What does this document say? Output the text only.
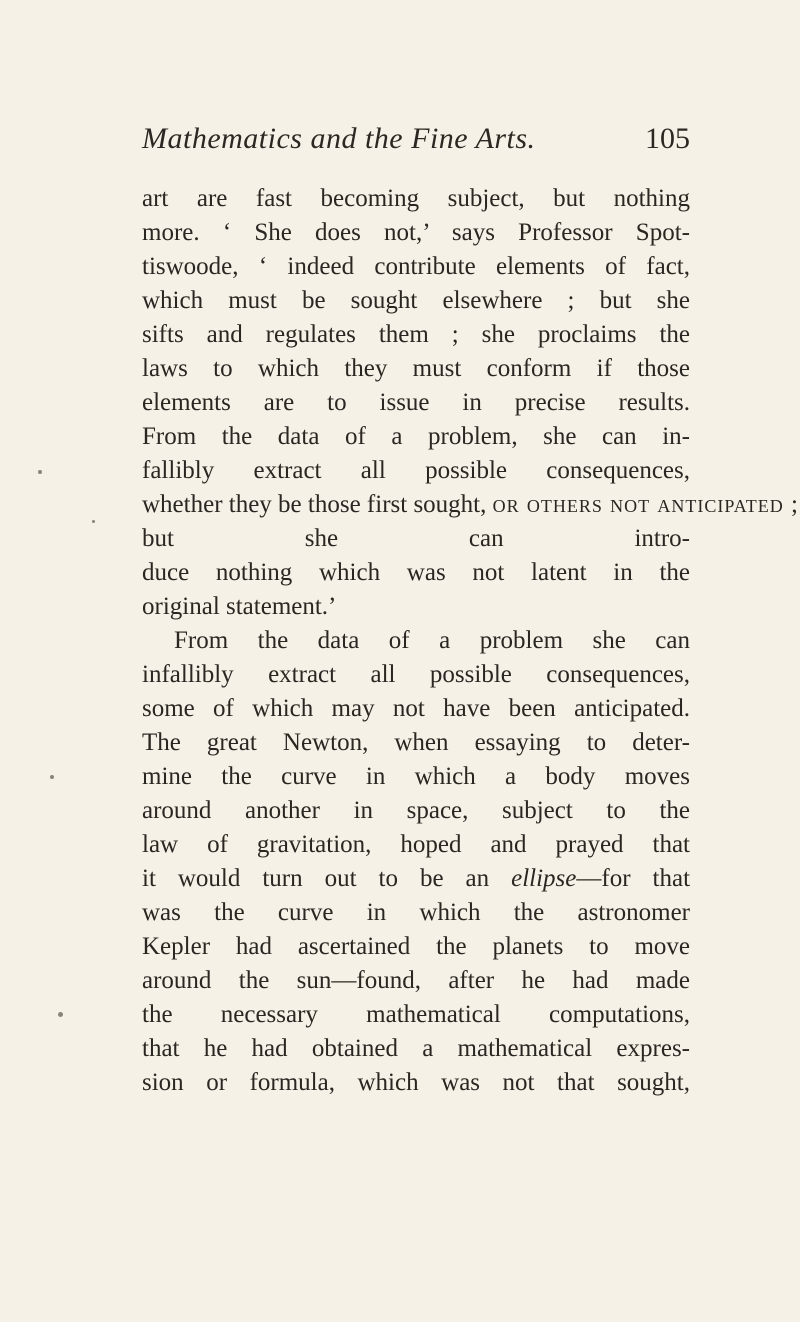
Mathematics and the Fine Arts.	105
art are fast becoming subject, but nothing
more. ‘ She does not,’ says Professor Spot-
tiswoode, ‘ indeed contribute elements of fact,
which must be sought elsewhere ; but she
sifts and regulates them ; she proclaims the
laws to which they must conform if those
elements are to issue in precise results.
From the data of a problem, she can in-
fallibly extract all possible consequences,
whether they be those first sought, or others not anticipated ;
but she can intro-
duce nothing which was not latent in the
original statement.’
From the data of a problem she can
infallibly extract all possible consequences,
some of which may not have been anticipated.
The great Newton, when essaying to deter-
mine the curve in which a body moves
around another in space, subject to the
law of gravitation, hoped and prayed that
it would turn out to be an ellipse—for that
was the curve in which the astronomer
Kepler had ascertained the planets to move
around the sun—found, after he had made
the necessary mathematical computations,
that he had obtained a mathematical expres-
sion or formula, which was not that sought,
